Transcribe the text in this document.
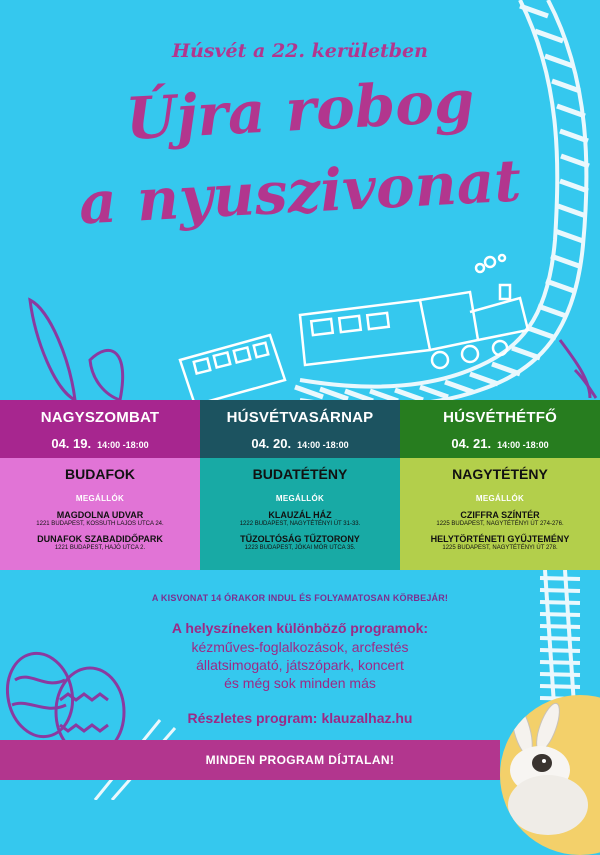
Húsvét a 22. kerületben
Újra robog
a nyuszivonat
NAGYSZOMBAT
04. 19. 14:00 -18:00
HÚSVÉTVASÁRNAP
04. 20. 14:00 -18:00
HÚSVÉTHÉTFŐ
04. 21. 14:00 -18:00
BUDAFOK
MEGÁLLÓK
MAGDOLNA UDVAR
1221 BUDAPEST, KOSSUTH LAJOS UTCA 24.
DUNAFOK SZABADIDŐPARK
1221 BUDAPEST, HAJÓ UTCA 2.
BUDATÉTÉNY
MEGÁLLÓK
KLAUZÁL HÁZ
1222 BUDAPEST, NAGYTÉTÉNYI ÚT 31-33.
TŰZOLTÓSÁG TŰZTORONY
1223 BUDAPEST, JÓKAI MÓR UTCA 35.
NAGYTÉTÉNY
MEGÁLLÓK
CZIFFRA SZÍNTÉR
1225 BUDAPEST, NAGYTÉTÉNYI ÚT 274-276.
HELYTÖRTÉNETI GYŰJTEMÉNY
1225 BUDAPEST, NAGYTÉTÉNYI ÚT 278.
A KISVONAT 14 ÓRAKOR INDUL ÉS FOLYAMATOSAN KÖRBEJÁR!
A helyszíneken különböző programok:
kézműves-foglalkozások, arcfestés
állatsimogató, játszópark, koncert
és még sok minden más
Részletes program: klauzalhaz.hu
MINDEN PROGRAM DÍJTALAN!
